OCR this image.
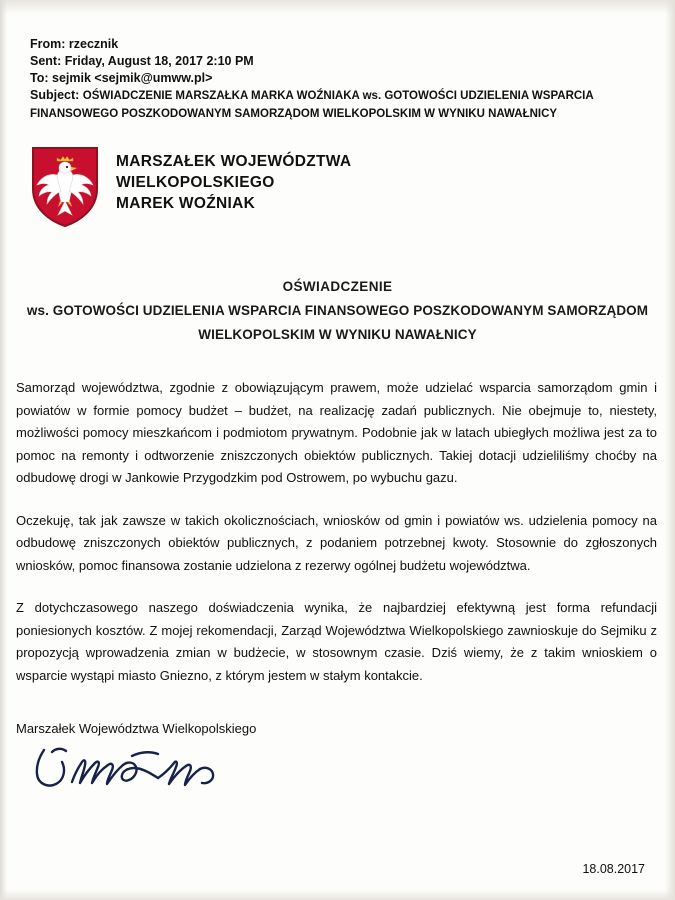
From: rzecznik
Sent: Friday, August 18, 2017 2:10 PM
To: sejmik <sejmik@umww.pl>
Subject: OŚWIADCZENIE MARSZAŁKA MARKA WOŹNIAKA ws. GOTOWOŚCI UDZIELENIA WSPARCIA FINANSOWEGO POSZKODOWANYM SAMORZĄDOM WIELKOPOLSKIM W WYNIKU NAWAŁNICY
MARSZAŁEK WOJEWÓDZTWA
WIELKOPOLSKIEGO
MAREK WOŹNIAK
OŚWIADCZENIE
ws. GOTOWOŚCI UDZIELENIA WSPARCIA FINANSOWEGO POSZKODOWANYM SAMORZĄDOM
WIELKOPOLSKIM W WYNIKU NAWAŁNICY

Samorząd województwa, zgodnie z obowiązującym prawem, może udzielać wsparcia samorządom gmin i powiatów w formie pomocy budżet – budżet, na realizację zadań publicznych. Nie obejmuje to, niestety, możliwości pomocy mieszkańcom i podmiotom prywatnym. Podobnie jak w latach ubiegłych możliwa jest za to pomoc na remonty i odtworzenie zniszczonych obiektów publicznych. Takiej dotacji udzieliliśmy choćby na odbudowę drogi w Jankowie Przygodzkim pod Ostrowem, po wybuchu gazu.

Oczekuję, tak jak zawsze w takich okolicznościach, wniosków od gmin i powiatów ws. udzielenia pomocy na odbudowę zniszczonych obiektów publicznych, z podaniem potrzebnej kwoty. Stosownie do zgłoszonych wniosków, pomoc finansowa zostanie udzielona z rezerwy ogólnej budżetu województwa.

Z dotychczasowego naszego doświadczenia wynika, że najbardziej efektywną jest forma refundacji poniesionych kosztów. Z mojej rekomendacji, Zarząd Województwa Wielkopolskiego zawnioskuje do Sejmiku z propozycją wprowadzenia zmian w budżecie, w stosownym czasie. Dziś wiemy, że z takim wnioskiem o wsparcie wystąpi miasto Gniezno, z którym jestem w stałym kontakcie.

Marszałek Województwa Wielkopolskiego
18.08.2017
